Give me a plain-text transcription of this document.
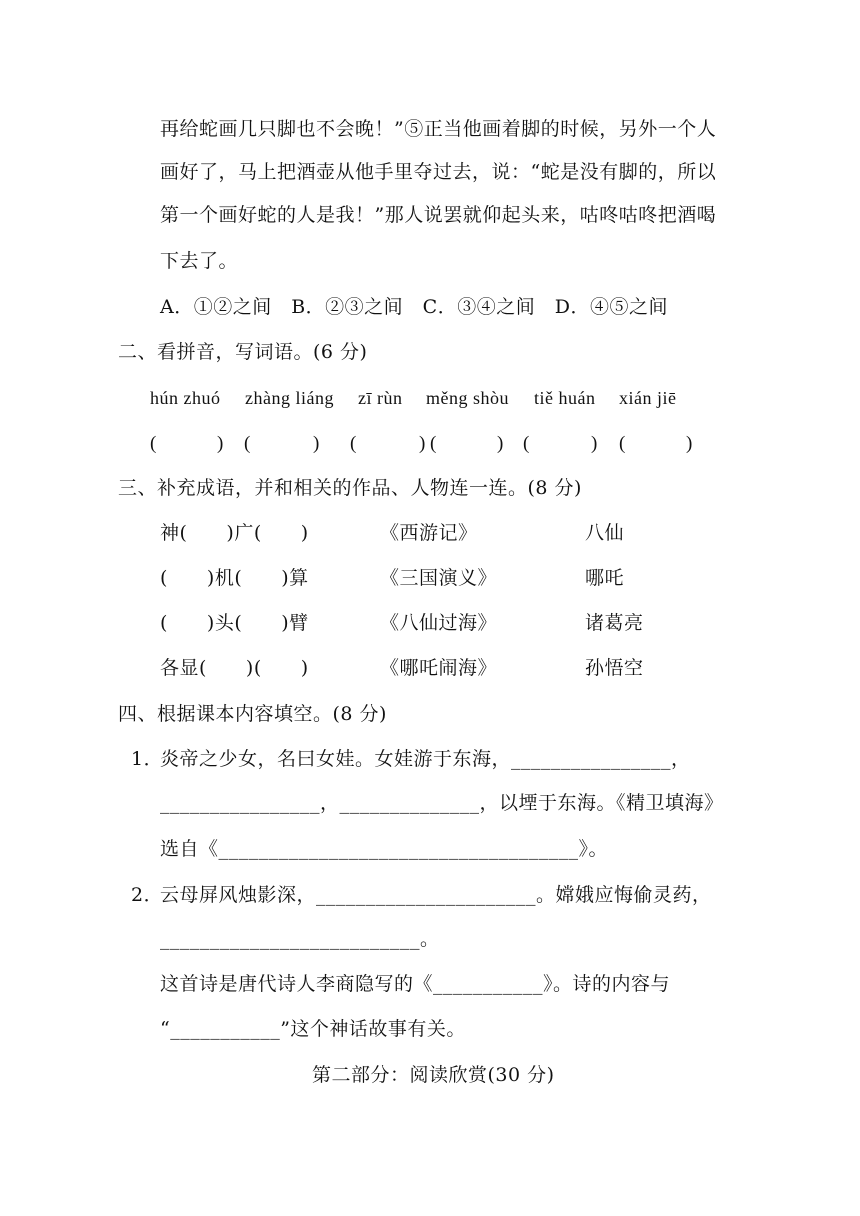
再给蛇画几只脚也不会晚！”⑤正当他画着脚的时候，另外一个人
画好了，马上把酒壶从他手里夺过去，说：“蛇是没有脚的，所以
第一个画好蛇的人是我！”那人说罢就仰起头来，咕咚咕咚把酒喝
下去了。
A．①②之间　B．②③之间　C．③④之间　D．④⑤之间
二、看拼音，写词语。(6 分)
hún zhuó zhàng liáng zī rùn měng shòu tiě huán xián jiē
(	) (	) (	) (	) (	) (	)
三、补充成语，并和相关的作品、人物连一连。(8 分)
神(　　)广(　　)	《西游记》	八仙
(　　)机(　　)算	《三国演义》	哪吒
(　　)头(　　)臂	《八仙过海》	诸葛亮
各显(　　)(　　)	《哪吒闹海》	孙悟空
四、根据课本内容填空。(8 分)
1．
炎帝之少女，名曰女娃。女娃游于东海，________________，
________________，______________，以堙于东海。《精卫填海》
选自《____________________________________》。
2．
云母屏风烛影深，______________________。嫦娥应悔偷灵药，
__________________________。
这首诗是唐代诗人李商隐写的《___________》。诗的内容与
“___________”这个神话故事有关。
第二部分：阅读欣赏(30 分)
